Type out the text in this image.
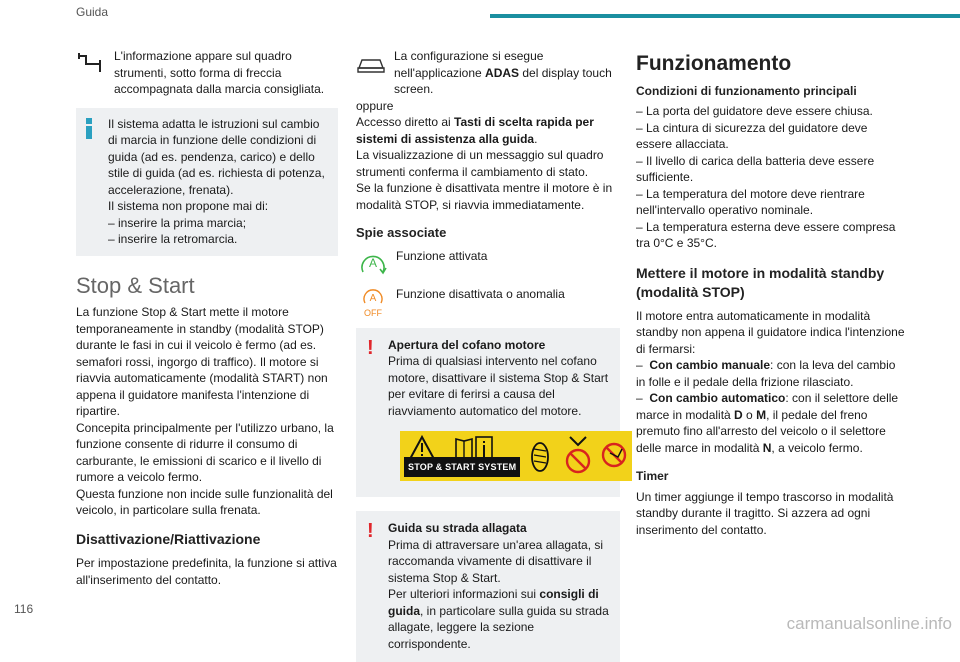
Guida

L'informazione appare sul quadro strumenti, sotto forma di freccia accompagnata dalla marcia consigliata.

Il sistema adatta le istruzioni sul cambio di marcia in funzione delle condizioni di guida (ad es. pendenza, carico) e dello stile di guida (ad es. richiesta di potenza, accelerazione, frenata).

Il sistema non propone mai di:

– inserire la prima marcia;

– inserire la retromarcia.

Stop & Start

La funzione Stop & Start mette il motore temporaneamente in standby (modalità STOP) durante le fasi in cui il veicolo è fermo (ad es. semafori rossi, ingorgo di traffico). Il motore si riavvia automaticamente (modalità START) non appena il guidatore manifesta l'intenzione di ripartire.

Concepita principalmente per l'utilizzo urbano, la funzione consente di ridurre il consumo di carburante, le emissioni di scarico e il livello di rumore a veicolo fermo.

Questa funzione non incide sulle funzionalità del veicolo, in particolare sulla frenata.

Disattivazione/Riattivazione

Per impostazione predefinita, la funzione si attiva all'inserimento del contatto.

La configurazione si esegue nell'applicazione ADAS del display touch screen.

oppure

Accesso diretto ai Tasti di scelta rapida per sistemi di assistenza alla guida.

La visualizzazione di un messaggio sul quadro strumenti conferma il cambiamento di stato.

Se la funzione è disattivata mentre il motore è in modalità STOP, si riavvia immediatamente.

Spie associate
A Funzione attivata

A
OFF

Funzione disattivata o anomalia

! Apertura del cofano motore

Prima di qualsiasi intervento nel cofano motore, disattivare il sistema Stop & Start per evitare di ferirsi a causa del riavviamento automatico del motore.

STOP & START SYSTEM
! Guida su strada allagata

Prima di attraversare un'area allagata, si raccomanda vivamente di disattivare il sistema Stop & Start.

Per ulteriori informazioni sui consigli di guida, in particolare sulla guida su strada allagate, leggere la sezione corrispondente.

Funzionamento
Condizioni di funzionamento principali

– La porta del guidatore deve essere chiusa.

– La cintura di sicurezza del guidatore deve essere allacciata.

– Il livello di carica della batteria deve essere sufficiente.

– La temperatura del motore deve rientrare nell'intervallo operativo nominale.

– La temperatura esterna deve essere compresa tra 0°C e 35°C.

Mettere il motore in modalità standby (modalità STOP)

Il motore entra automaticamente in modalità standby non appena il guidatore indica l'intenzione di fermarsi:

–  Con cambio manuale: con la leva del cambio in folle e il pedale della frizione rilasciato.

–  Con cambio automatico: con il selettore delle marce in modalità D o M, il pedale del freno premuto fino all'arresto del veicolo o il selettore delle marce in modalità N, a veicolo fermo.

Timer

Un timer aggiunge il tempo trascorso in modalità standby durante il tragitto. Si azzera ad ogni inserimento del contatto.

116
carmanualsonline.info
